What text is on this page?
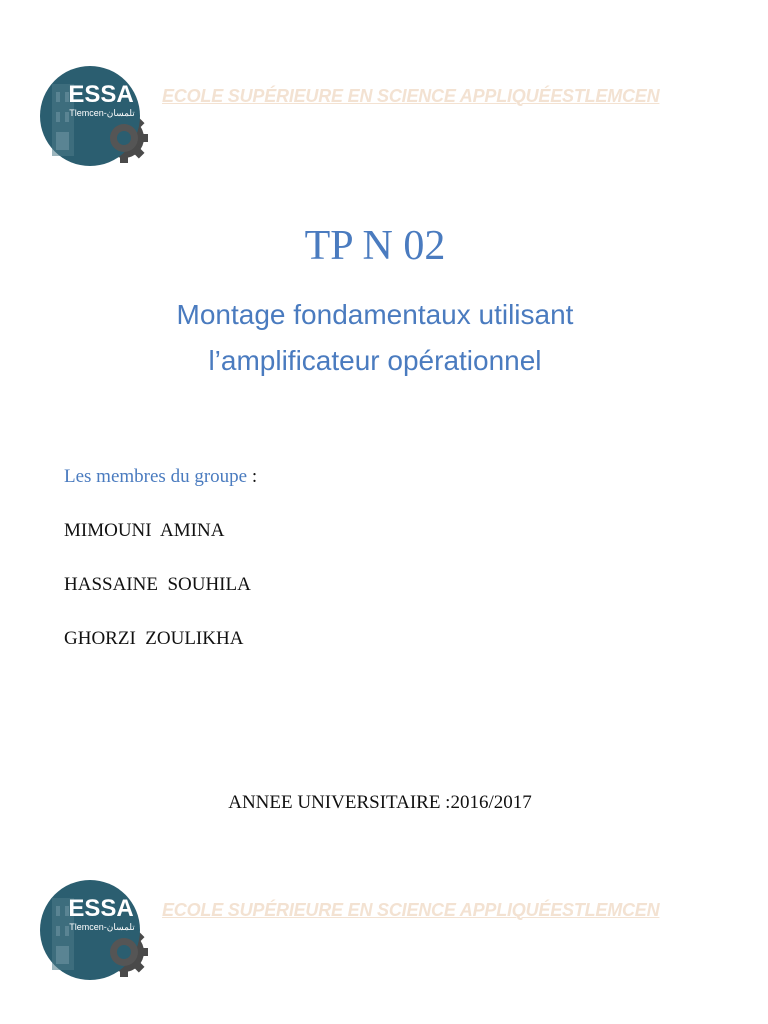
ESSA
Tlemcen-تلمسان
ECOLE SUPÉRIEURE EN SCIENCE APPLIQUÉESTLEMCEN
TP N 02
Montage fondamentaux utilisant
l’amplificateur opérationnel
Les membres du groupe :
MIMOUNI  AMINA
HASSAINE  SOUHILA
GHORZI  ZOULIKHA
ANNEE UNIVERSITAIRE :2016/2017
ESSA
Tlemcen-تلمسان
ECOLE SUPÉRIEURE EN SCIENCE APPLIQUÉESTLEMCEN
